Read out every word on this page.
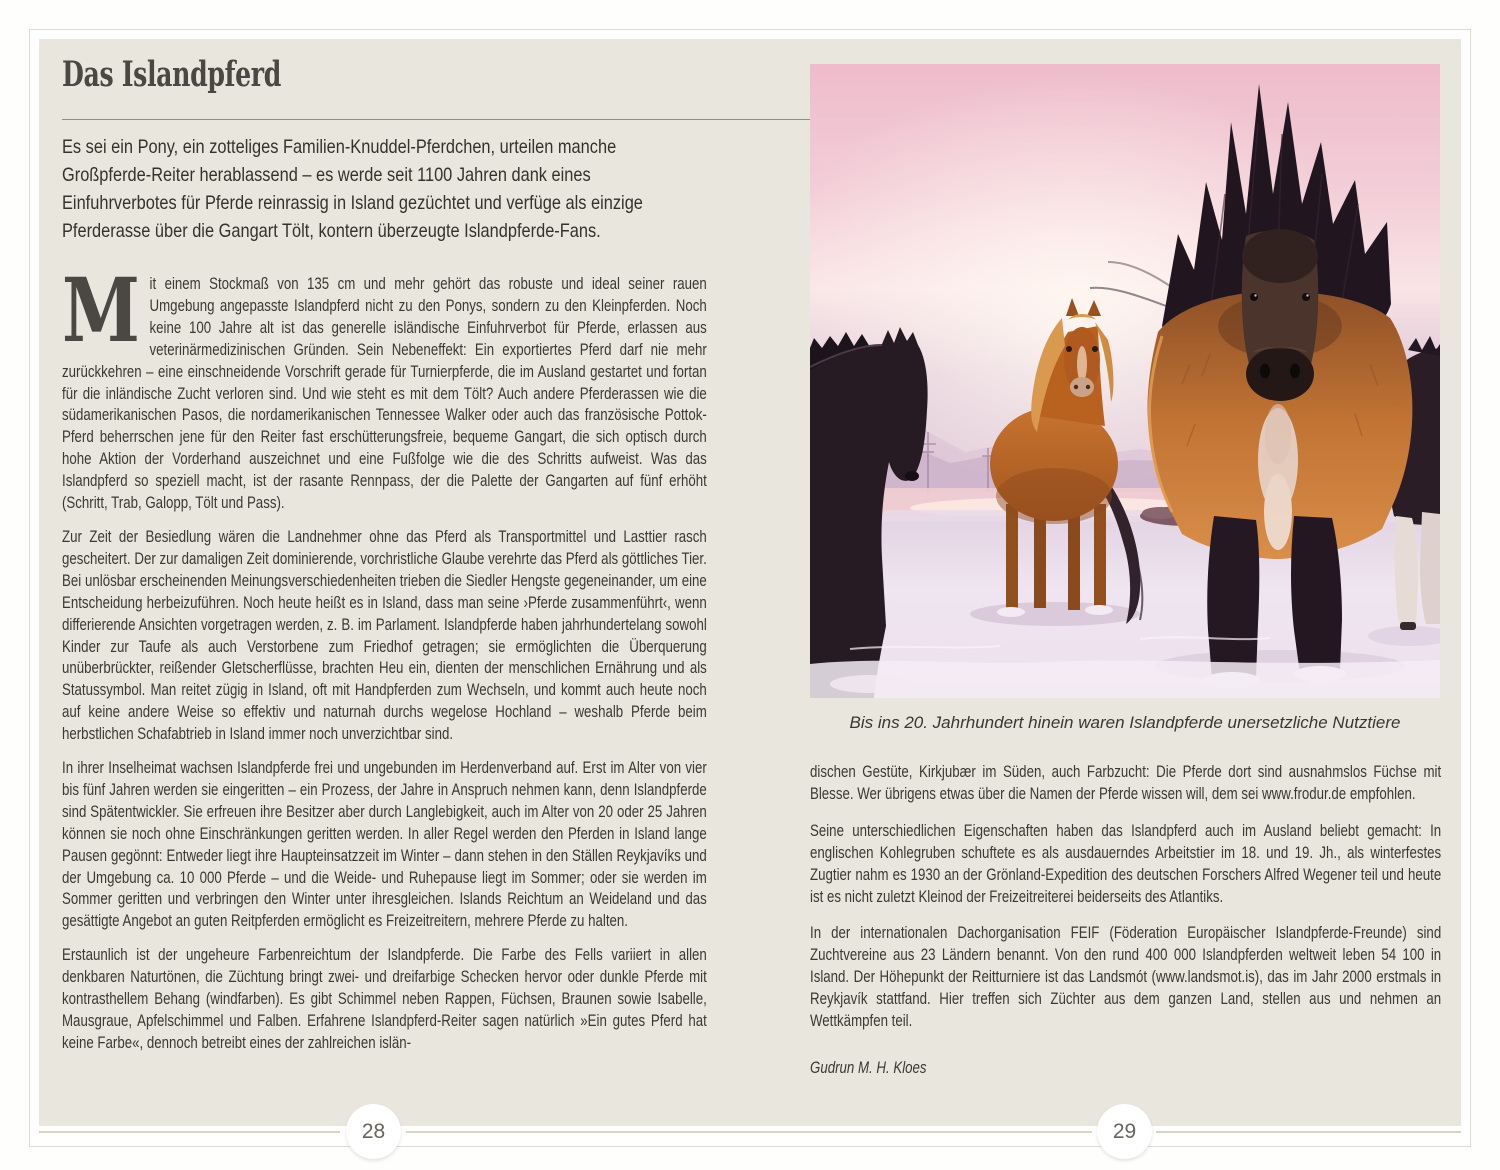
Das Islandpferd

Es sei ein Pony, ein zotteliges Familien-Knuddel-Pferdchen, urteilen manche Großpferde-Reiter herablassend – es werde seit 1100 Jahren dank eines Einfuhrverbotes für Pferde reinrassig in Island gezüchtet und verfüge als einzige Pferderasse über die Gangart Tölt, kontern überzeugte Islandpferde-Fans.

Mit einem Stockmaß von 135 cm und mehr gehört das robuste und ideal seiner rauen Umgebung angepasste Islandpferd nicht zu den Ponys, sondern zu den Kleinpferden. Noch keine 100 Jahre alt ist das generelle isländische Einfuhrverbot für Pferde, erlassen aus veterinärmedizinischen Gründen. Sein Nebeneffekt: Ein exportiertes Pferd darf nie mehr zurückkehren – eine einschneidende Vorschrift gerade für Turnierpferde, die im Ausland gestartet und fortan für die inländische Zucht verloren sind. Und wie steht es mit dem Tölt? Auch andere Pferderassen wie die südamerikanischen Pasos, die nordamerikanischen Tennessee Walker oder auch das französische Pottok-Pferd beherrschen jene für den Reiter fast erschütterungsfreie, bequeme Gangart, die sich optisch durch hohe Aktion der Vorderhand auszeichnet und eine Fußfolge wie die des Schritts aufweist. Was das Islandpferd so speziell macht, ist der rasante Rennpass, der die Palette der Gangarten auf fünf erhöht (Schritt, Trab, Galopp, Tölt und Pass).

Zur Zeit der Besiedlung wären die Landnehmer ohne das Pferd als Transportmittel und Lasttier rasch gescheitert. Der zur damaligen Zeit dominierende, vorchristliche Glaube verehrte das Pferd als göttliches Tier. Bei unlösbar erscheinenden Meinungsverschiedenheiten trieben die Siedler Hengste gegeneinander, um eine Entscheidung herbeizuführen. Noch heute heißt es in Island, dass man seine ›Pferde zusammenführt‹, wenn differierende Ansichten vorgetragen werden, z. B. im Parlament. Islandpferde haben jahrhundertelang sowohl Kinder zur Taufe als auch Verstorbene zum Friedhof getragen; sie ermöglichten die Überquerung unüberbrückter, reißender Gletscherflüsse, brachten Heu ein, dienten der menschlichen Ernährung und als Statussymbol. Man reitet zügig in Island, oft mit Handpferden zum Wechseln, und kommt auch heute noch auf keine andere Weise so effektiv und naturnah durchs wegelose Hochland – weshalb Pferde beim herbstlichen Schafabtrieb in Island immer noch unverzichtbar sind.

In ihrer Inselheimat wachsen Islandpferde frei und ungebunden im Herdenverband auf. Erst im Alter von vier bis fünf Jahren werden sie eingeritten – ein Prozess, der Jahre in Anspruch nehmen kann, denn Islandpferde sind Spätentwickler. Sie erfreuen ihre Besitzer aber durch Langlebigkeit, auch im Alter von 20 oder 25 Jahren können sie noch ohne Einschränkungen geritten werden. In aller Regel werden den Pferden in Island lange Pausen gegönnt: Entweder liegt ihre Haupteinsatzzeit im Winter – dann stehen in den Ställen Reykjavíks und der Umgebung ca. 10 000 Pferde – und die Weide- und Ruhepause liegt im Sommer; oder sie werden im Sommer geritten und verbringen den Winter unter ihresgleichen. Islands Reichtum an Weideland und das gesättigte Angebot an guten Reitpferden ermöglicht es Freizeitreitern, mehrere Pferde zu halten.

Erstaunlich ist der ungeheure Farbenreichtum der Islandpferde. Die Farbe des Fells variiert in allen denkbaren Naturtönen, die Züchtung bringt zwei- und dreifarbige Schecken hervor oder dunkle Pferde mit kontrasthellem Behang (windfarben). Es gibt Schimmel neben Rappen, Füchsen, Braunen sowie Isabelle, Mausgraue, Apfelschimmel und Falben. Erfahrene Islandpferd-Reiter sagen natürlich »Ein gutes Pferd hat keine Farbe«, dennoch betreibt eines der zahlreichen islän-

Bis ins 20. Jahrhundert hinein waren Islandpferde unersetzliche Nutztiere

dischen Gestüte, Kirkjubær im Süden, auch Farbzucht: Die Pferde dort sind ausnahmslos Füchse mit Blesse. Wer übrigens etwas über die Namen der Pferde wissen will, dem sei www.frodur.de empfohlen.

Seine unterschiedlichen Eigenschaften haben das Islandpferd auch im Ausland beliebt gemacht: In englischen Kohlegruben schuftete es als ausdauerndes Arbeitstier im 18. und 19. Jh., als winterfestes Zugtier nahm es 1930 an der Grönland-Expedition des deutschen Forschers Alfred Wegener teil und heute ist es nicht zuletzt Kleinod der Freizeitreiterei beiderseits des Atlantiks.

In der internationalen Dachorganisation FEIF (Föderation Europäischer Islandpferde-Freunde) sind Zuchtvereine aus 23 Ländern benannt. Von den rund 400 000 Islandpferden weltweit leben 54 100 in Island. Der Höhepunkt der Reitturniere ist das Landsmót (www.landsmot.is), das im Jahr 2000 erstmals in Reykjavík stattfand. Hier treffen sich Züchter aus dem ganzen Land, stellen aus und nehmen an Wettkämpfen teil.

Gudrun M. H. Kloes

28	29
